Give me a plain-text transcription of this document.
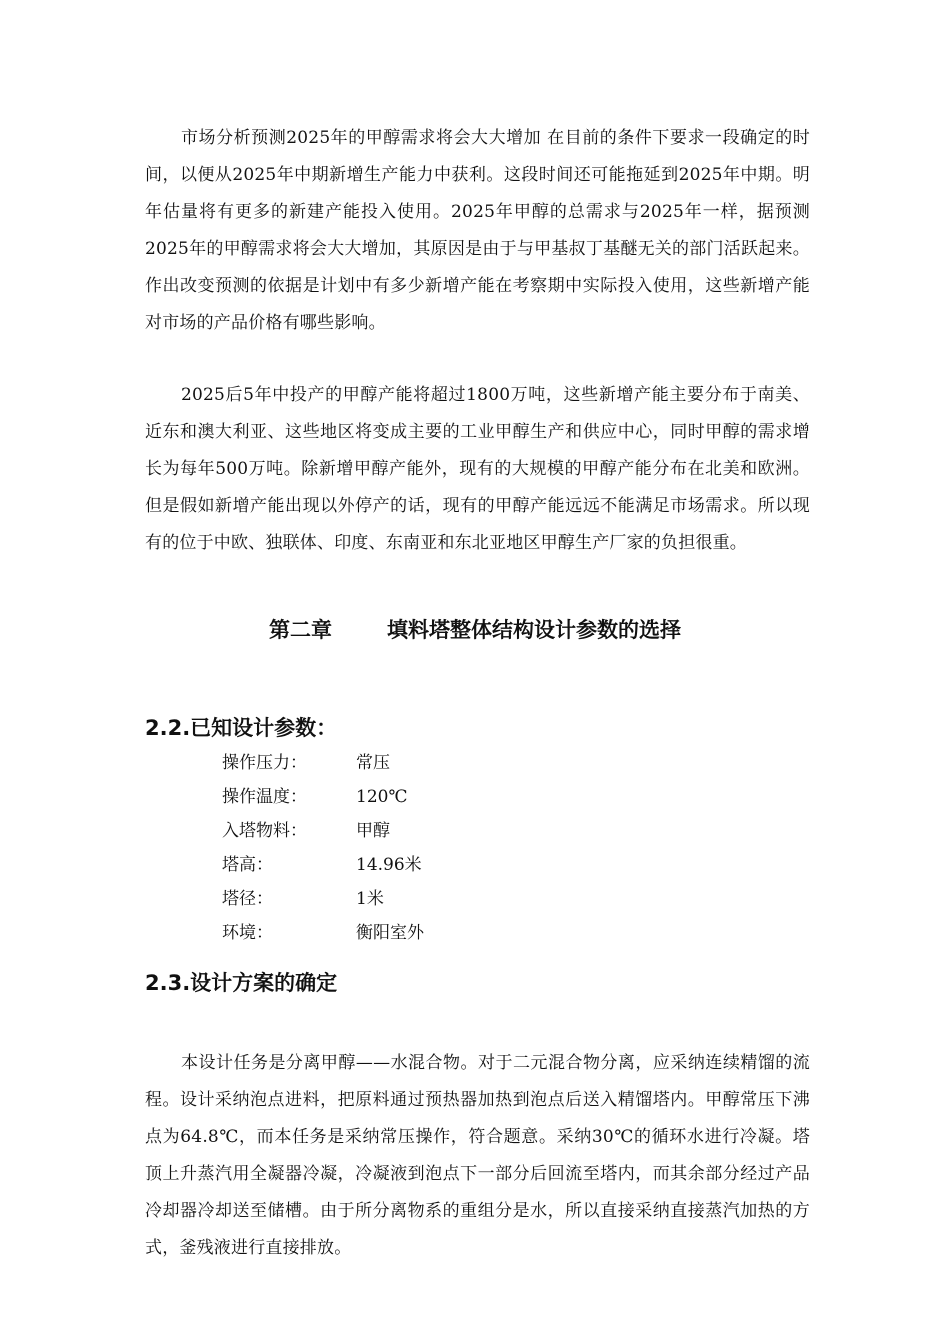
市场分析预测2025年的甲醇需求将会大大增加 在目前的条件下要求一段确定的时间，以便从2025年中期新增生产能力中获利。这段时间还可能拖延到2025年中期。明年估量将有更多的新建产能投入使用。2025年甲醇的总需求与2025年一样，据预测2025年的甲醇需求将会大大增加，其原因是由于与甲基叔丁基醚无关的部门活跃起来。作出改变预测的依据是计划中有多少新增产能在考察期中实际投入使用，这些新增产能对市场的产品价格有哪些影响。

2025后5年中投产的甲醇产能将超过1800万吨，这些新增产能主要分布于南美、近东和澳大利亚、这些地区将变成主要的工业甲醇生产和供应中心，同时甲醇的需求增长为每年500万吨。除新增甲醇产能外，现有的大规模的甲醇产能分布在北美和欧洲。但是假如新增产能出现以外停产的话，现有的甲醇产能远远不能满足市场需求。所以现有的位于中欧、独联体、印度、东南亚和东北亚地区甲醇生产厂家的负担很重。

第二章	填料塔整体结构设计参数的选择
2.2.已知设计参数：
操作压力：	常压
操作温度：	120℃
入塔物料：	甲醇
塔高：	14.96米
塔径：	1米
环境：	衡阳室外
2.3.设计方案的确定

本设计任务是分离甲醇——水混合物。对于二元混合物分离，应采纳连续精馏的流程。设计采纳泡点进料，把原料通过预热器加热到泡点后送入精馏塔内。甲醇常压下沸点为64.8℃，而本任务是采纳常压操作，符合题意。采纳30℃的循环水进行冷凝。塔顶上升蒸汽用全凝器冷凝，冷凝液到泡点下一部分后回流至塔内，而其余部分经过产品冷却器冷却送至储槽。由于所分离物系的重组分是水，所以直接采纳直接蒸汽加热的方式，釜残液进行直接排放。
